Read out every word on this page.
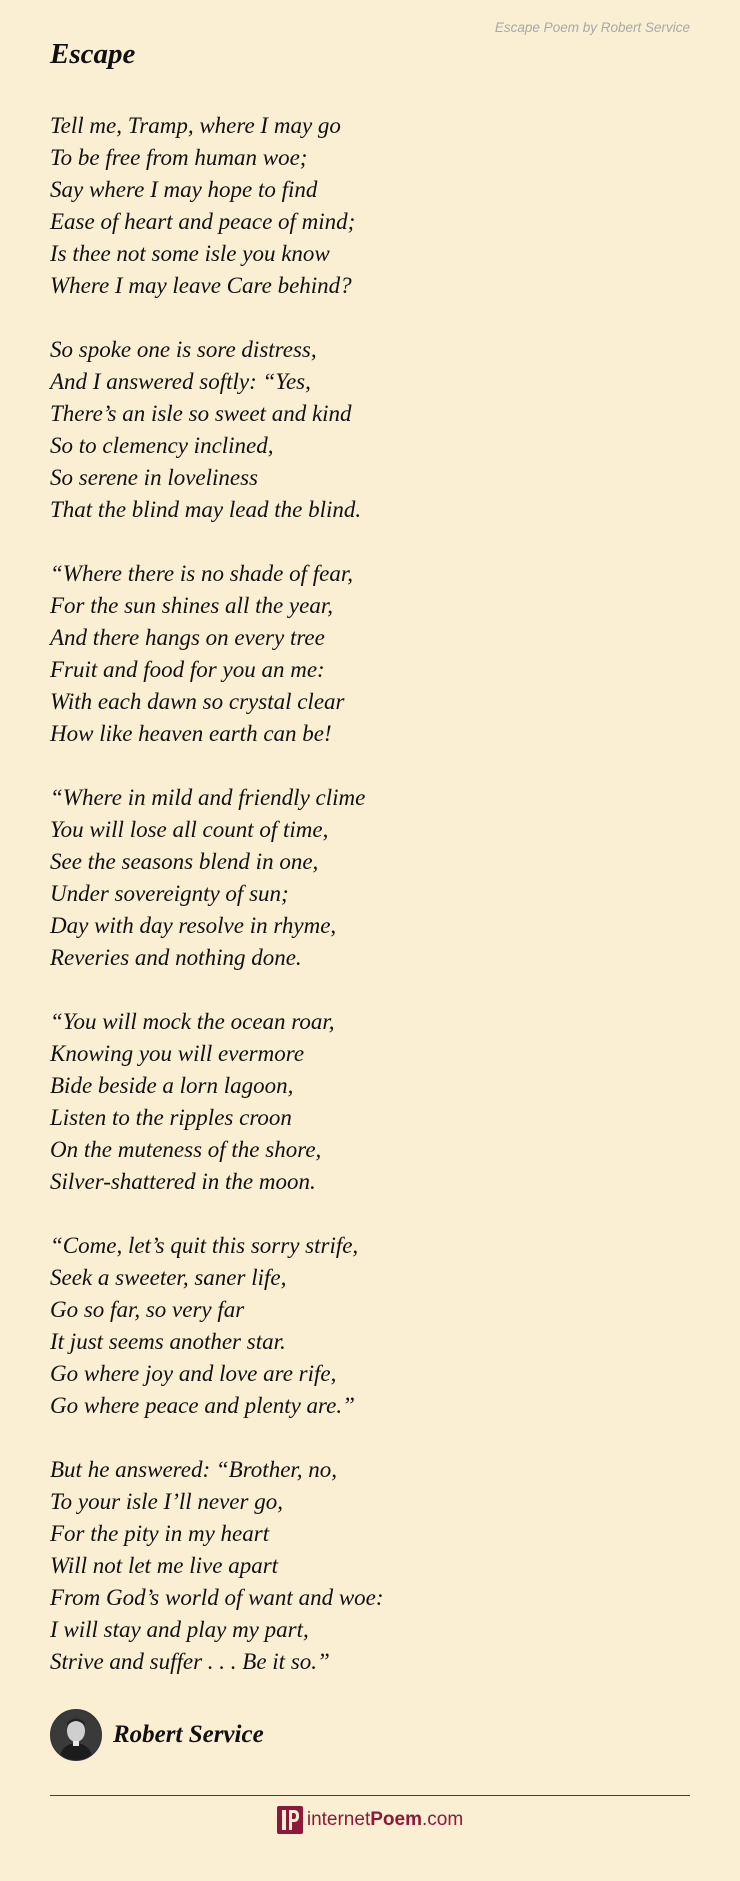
Escape Poem by Robert Service
Escape
Tell me, Tramp, where I may go
To be free from human woe;
Say where I may hope to find
Ease of heart and peace of mind;
Is thee not some isle you know
Where I may leave Care behind?
So spoke one is sore distress,
And I answered softly: “Yes,
There’s an isle so sweet and kind
So to clemency inclined,
So serene in loveliness
That the blind may lead the blind.
“Where there is no shade of fear,
For the sun shines all the year,
And there hangs on every tree
Fruit and food for you an me:
With each dawn so crystal clear
How like heaven earth can be!
“Where in mild and friendly clime
You will lose all count of time,
See the seasons blend in one,
Under sovereignty of sun;
Day with day resolve in rhyme,
Reveries and nothing done.
“You will mock the ocean roar,
Knowing you will evermore
Bide beside a lorn lagoon,
Listen to the ripples croon
On the muteness of the shore,
Silver-shattered in the moon.
“Come, let’s quit this sorry strife,
Seek a sweeter, saner life,
Go so far, so very far
It just seems another star.
Go where joy and love are rife,
Go where peace and plenty are.”
But he answered: “Brother, no,
To your isle I’ll never go,
For the pity in my heart
Will not let me live apart
From God’s world of want and woe:
I will stay and play my part,
Strive and suffer . . . Be it so.”
Robert Service
internetPoem.com
